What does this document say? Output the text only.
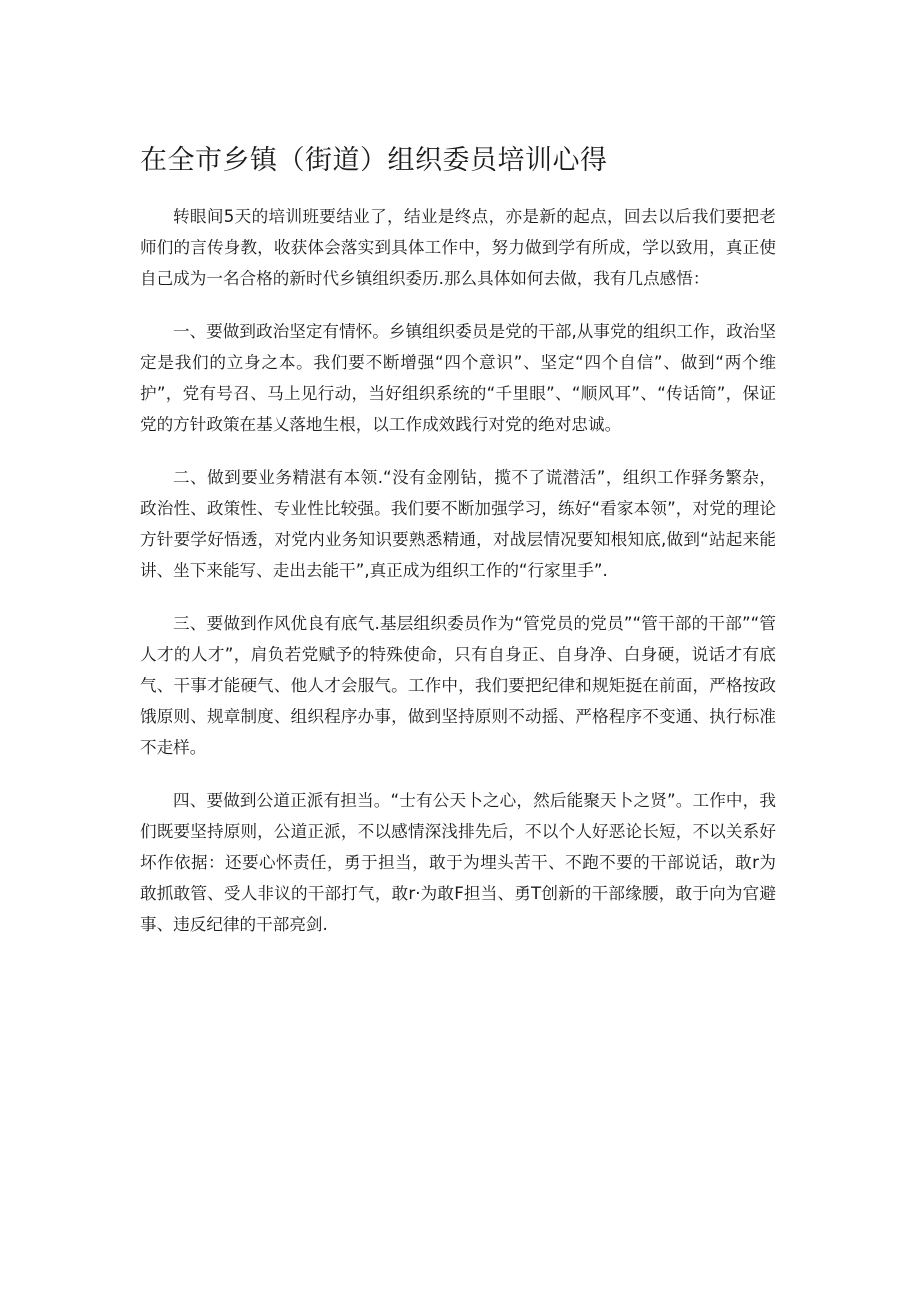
在全市乡镇（街道）组织委员培训心得

转眼间5天的培训班要结业了，结业是终点，亦是新的起点，回去以后我们要把老师们的言传身教，收获体会落实到具体工作中，努力做到学有所成，学以致用，真正使自己成为一名合格的新时代乡镇组织委历.那么具体如何去做，我有几点感悟：

一、要做到政治坚定有情怀。乡镇组织委员是党的干部,从事党的组织工作，政治坚定是我们的立身之本。我们要不断增强“四个意识”、坚定“四个自信”、做到“两个维护”，党有号召、马上见行动，当好组织系统的“千里眼”、“顺风耳”、“传话筒”，保证党的方针政策在基乂落地生根，以工作成效践行对党的绝对忠诚。

二、做到要业务精湛有本领.“没有金刚钻，揽不了谎潜活”，组织工作驿务繁杂，政治性、政策性、专业性比较强。我们要不断加强学习，练好“看家本领”，对党的理论方针要学好悟透，对党内业务知识要熟悉精通，对战层情况要知根知底,做到“站起来能讲、坐下来能写、走出去能干”,真正成为组织工作的“行家里手”.

三、要做到作风优良有底气.基层组织委员作为“管党员的党员”“管干部的干部”“管人才的人才”，肩负若党赋予的特殊使命，只有自身正、自身净、白身硬，说话才有底气、干事才能硬气、他人才会服气。工作中，我们要把纪律和规矩挺在前面，严格按政饿原则、规章制度、组织程序办事，做到坚持原则不动摇、严格程序不变通、执行标准不走样。

四、要做到公道正派有担当。“士有公天卜之心，然后能聚天卜之贤”。工作中，我们既要坚持原则，公道正派，不以感情深浅排先后，不以个人好恶论长短，不以关系好坏作依据：还要心怀责任，勇于担当，敢于为埋头苦干、不跑不要的干部说话，敢r为敢抓敢管、受人非议的干部打气，敢r·为敢F担当、勇T创新的干部缘腰，敢于向为官避事、违反纪律的干部亮剑.
